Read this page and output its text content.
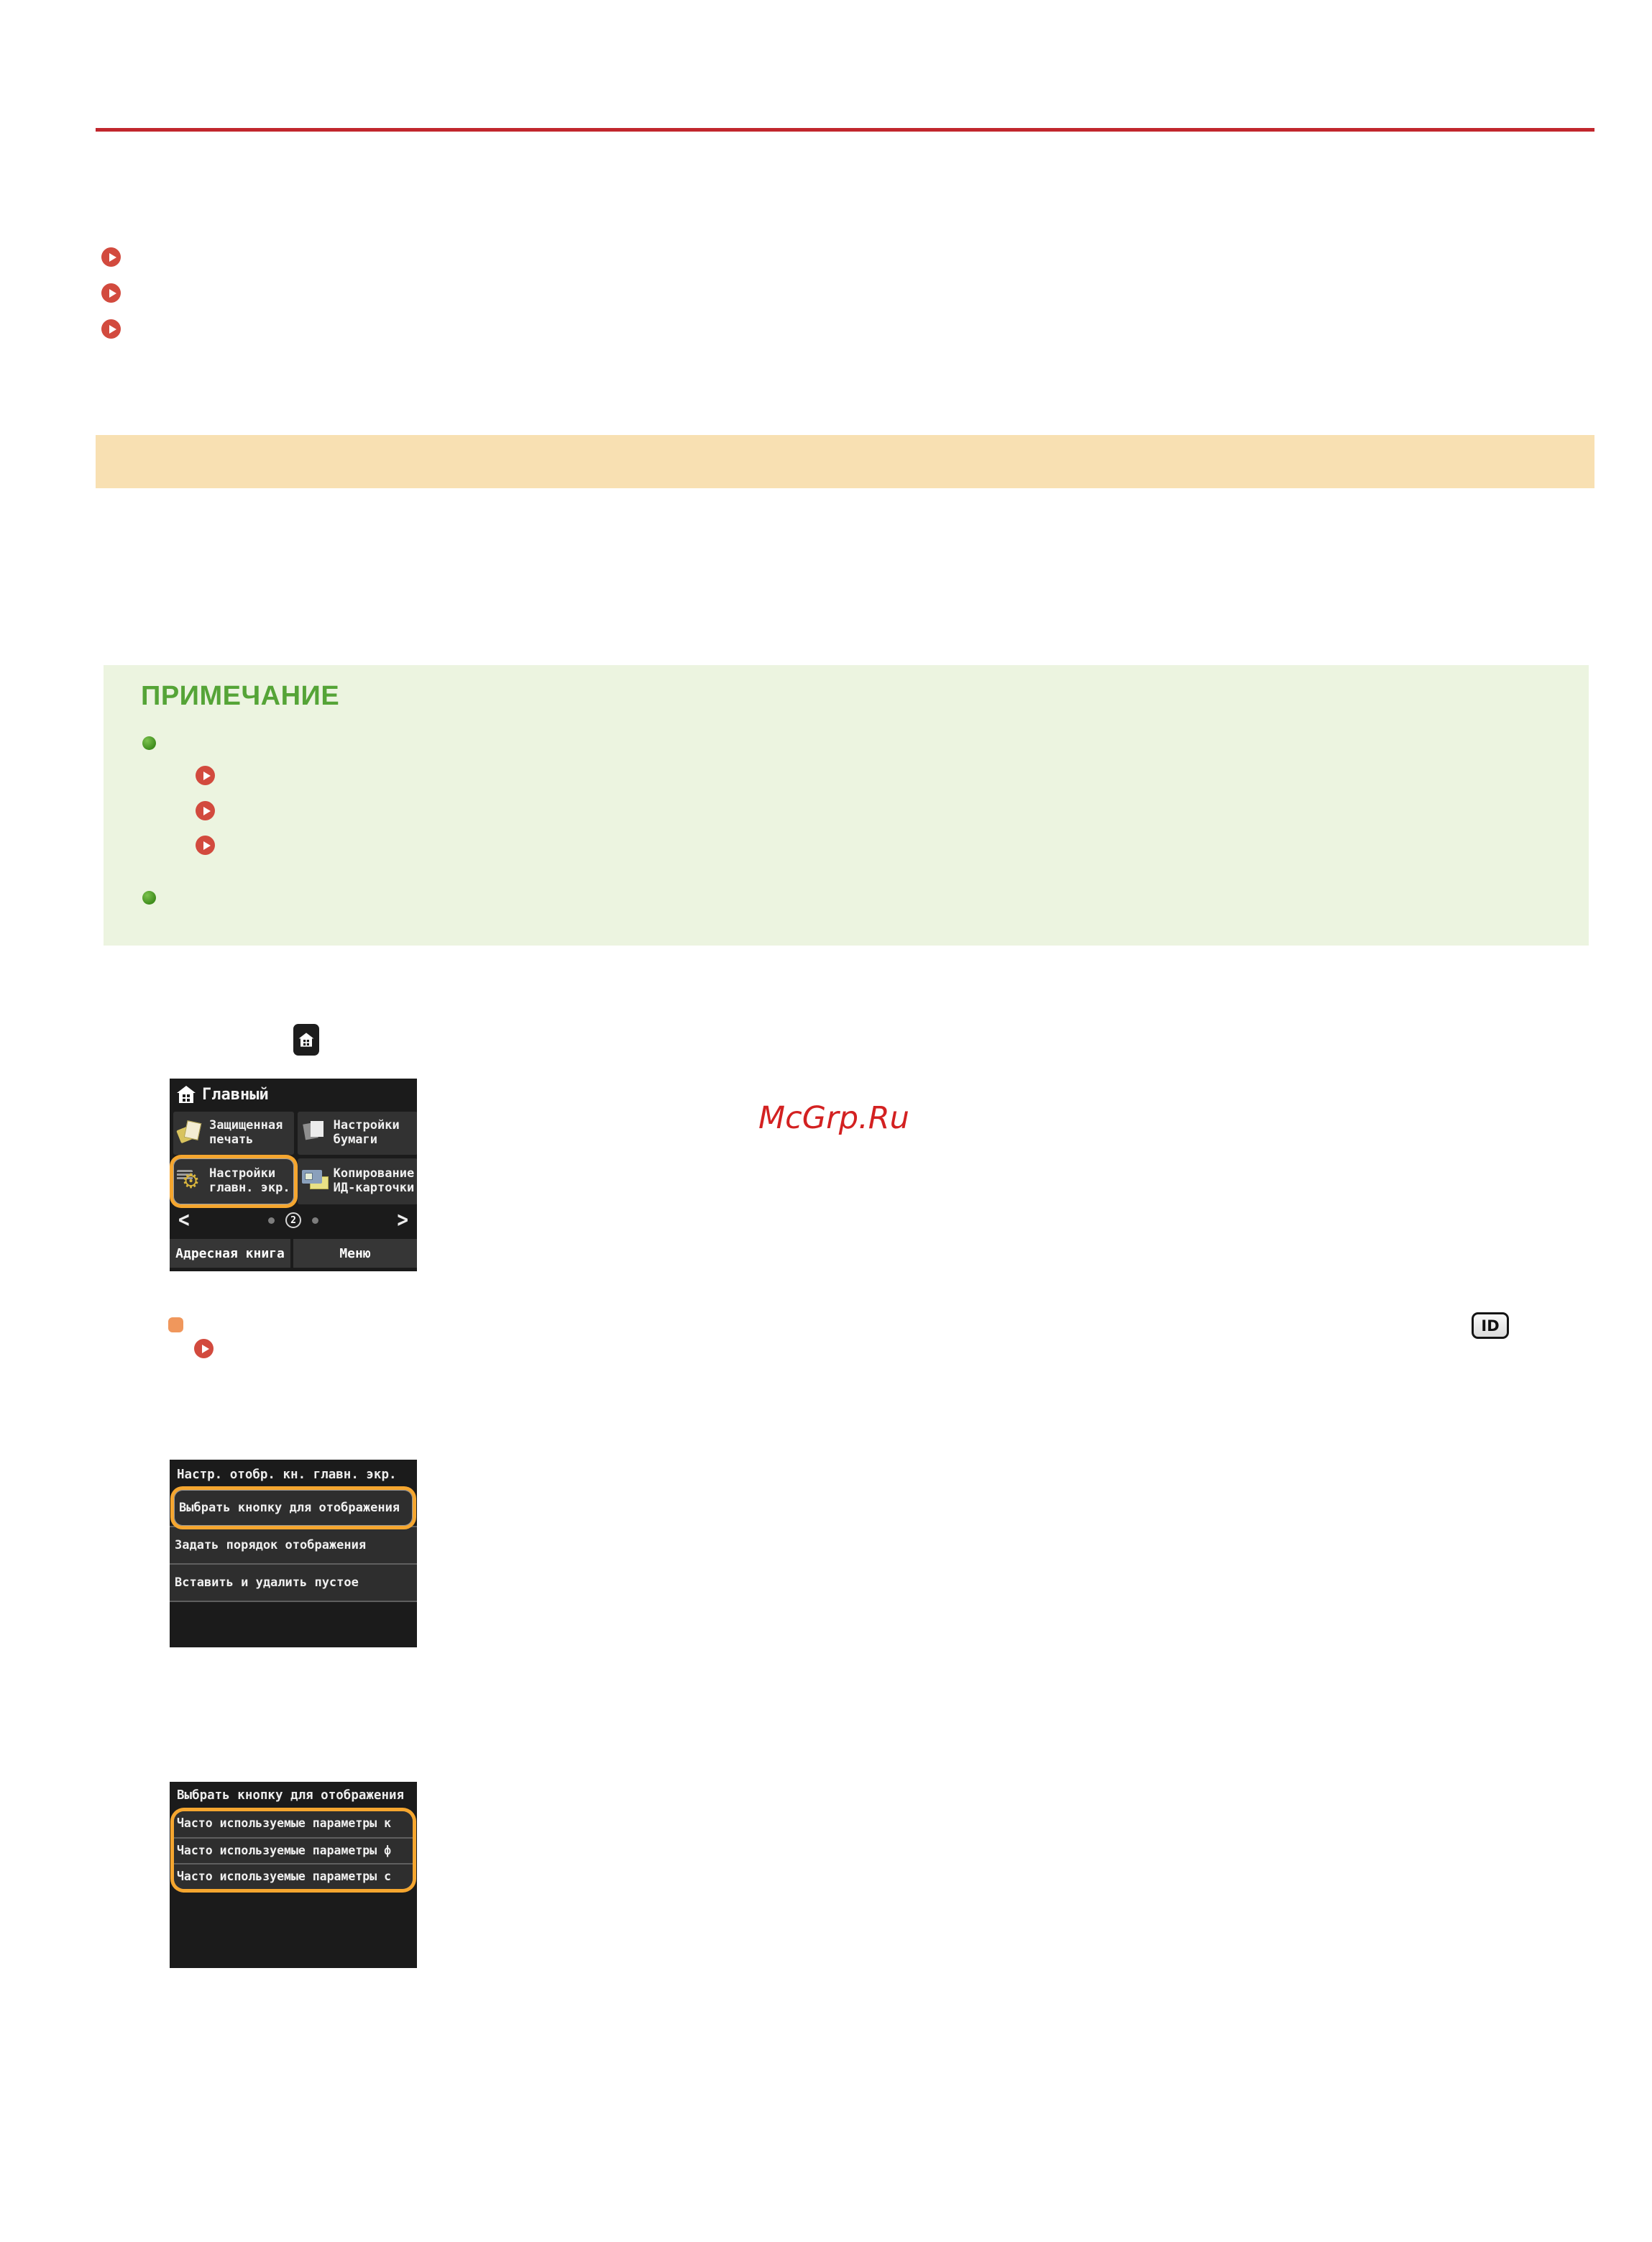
ПРИМЕЧАНИЕ
Главный
Защищенная
печать
Настройки
бумаги
⚙ Настройки
главн. экр.
Копирование
ИД-карточки
<	2	>
Адресная книга	Меню
McGrp.Ru
ID
Настр. отобр. кн. главн. экр.
Выбрать кнопку для отображения
Задать порядок отображения
Вставить и удалить пустое
Выбрать кнопку для отображения
Часто используемые параметры к
Часто используемые параметры ф
Часто используемые параметры с
